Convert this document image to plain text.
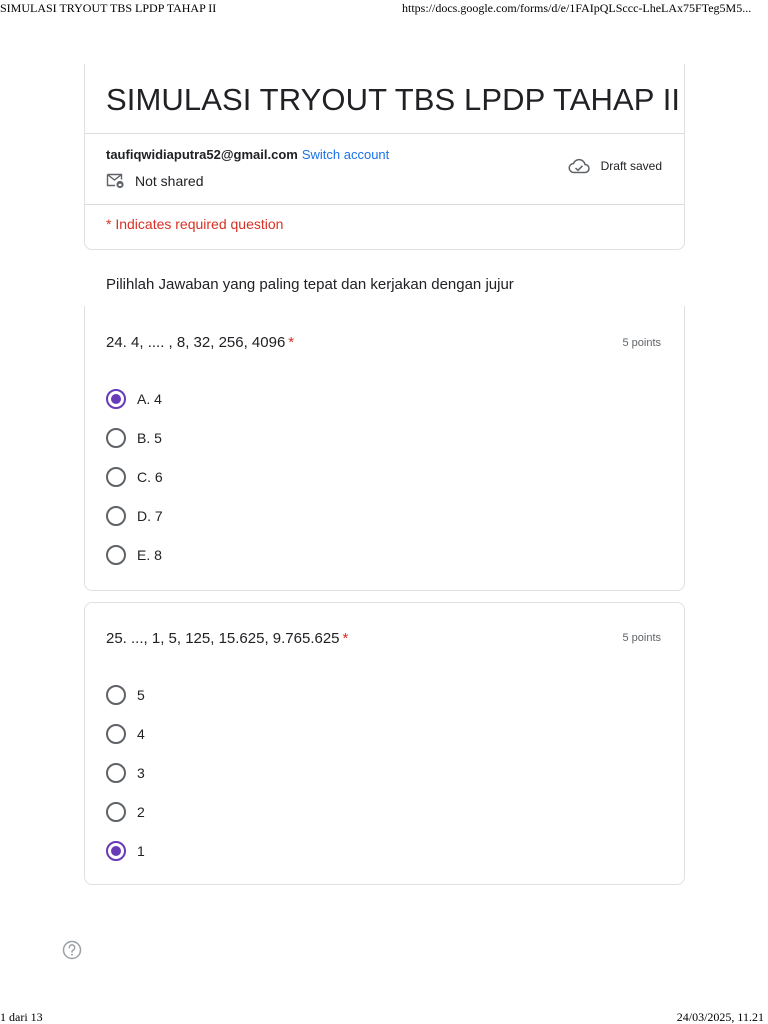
SIMULASI TRYOUT TBS LPDP TAHAP II	https://docs.google.com/forms/d/e/1FAIpQLSccc-LheLAx75FTeg5M5...
SIMULASI TRYOUT TBS LPDP TAHAP II
taufiqwidiaputra52@gmail.com Switch account
Not shared
Draft saved
* Indicates required question
Pilihlah Jawaban yang paling tepat dan kerjakan dengan jujur
24. 4, .... , 8, 32, 256, 4096 *	5 points
A. 4
B. 5
C. 6
D. 7
E. 8
25. ..., 1, 5, 125, 15.625, 9.765.625 *	5 points
5
4
3
2
1
1 dari 13	24/03/2025, 11.21
